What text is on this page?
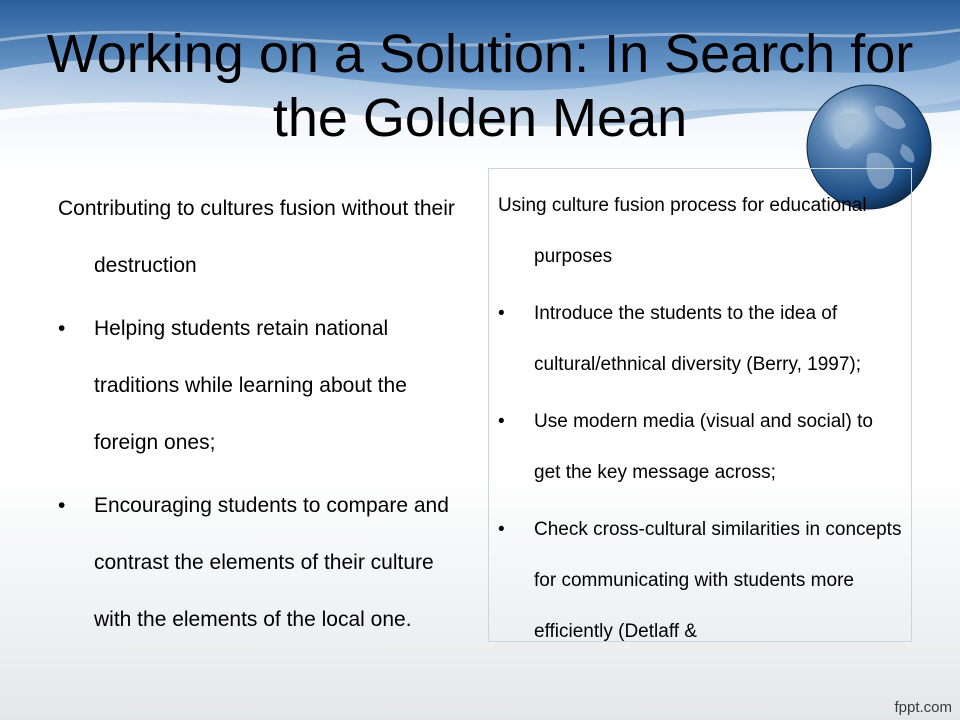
Working on a Solution: In Search for the Golden Mean

Contributing to cultures fusion without their destruction

• Helping students retain national traditions while learning about the foreign ones;
• Encouraging students to compare and contrast the elements of their culture with the elements of the local one.

Using culture fusion process for educational purposes

• Introduce the students to the idea of cultural/ethnical diversity (Berry, 1997);
• Use modern media (visual and social) to get the key message across;
• Check cross-cultural similarities in concepts for communicating with students more efficiently (Detlaff &
fppt.com
